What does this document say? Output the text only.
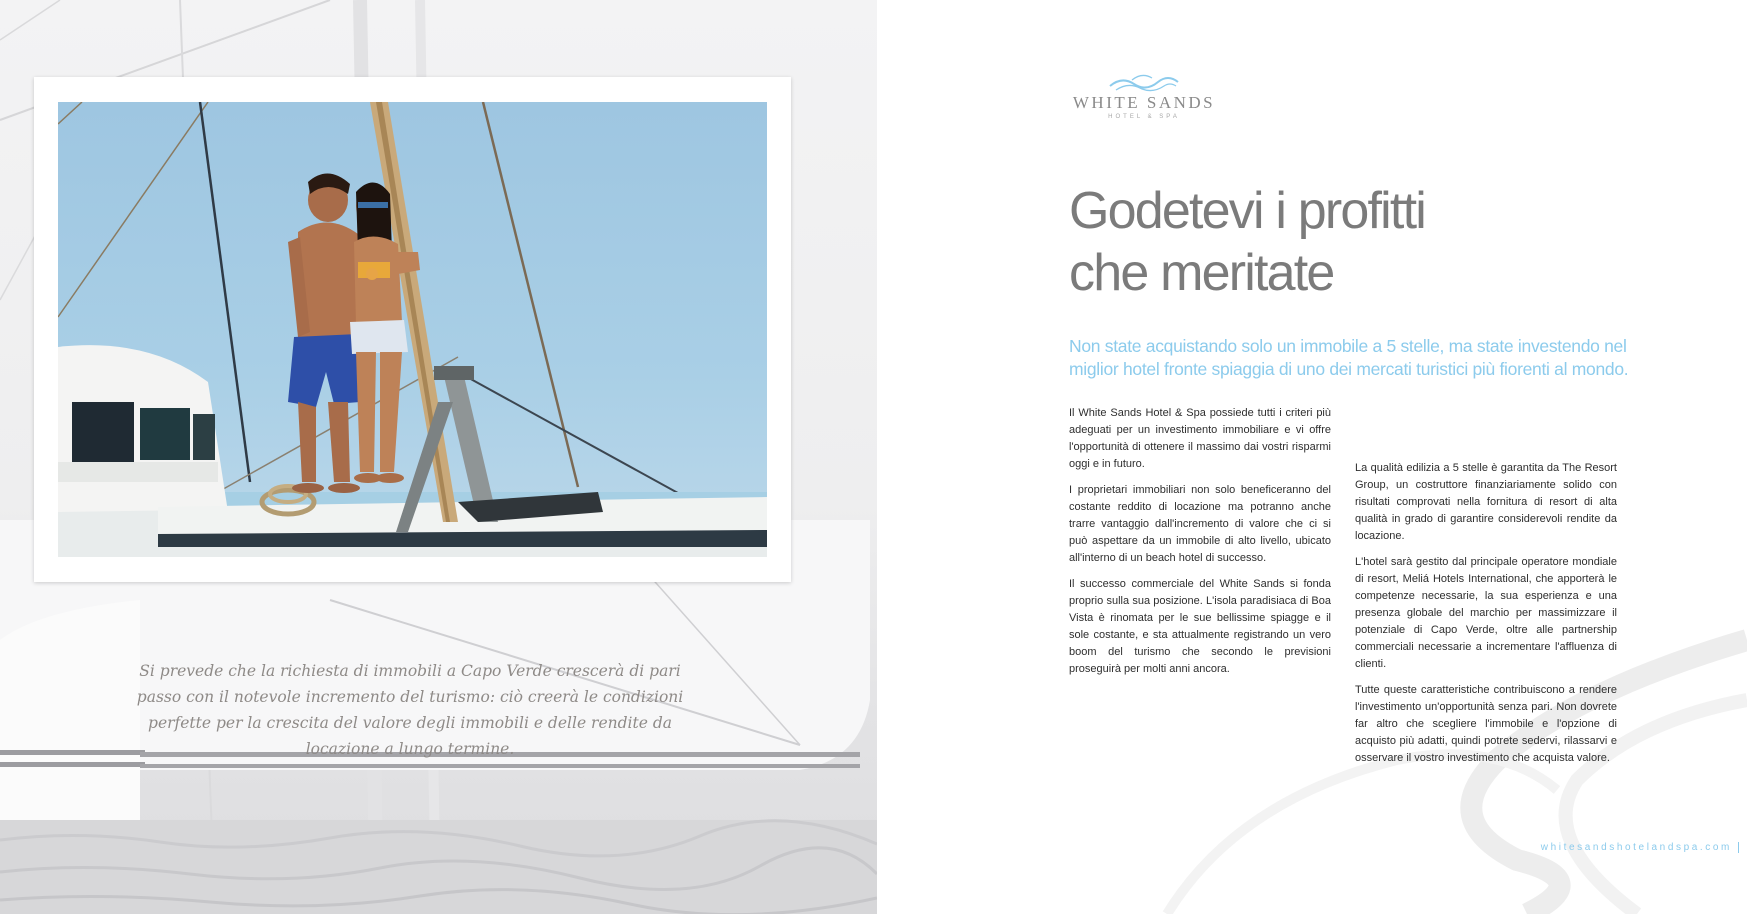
Si prevede che la richiesta di immobili a Capo Verde crescerà di pari passo con il notevole incremento del turismo: ciò creerà le condizioni perfette per la crescita del valore degli immobili e delle rendite da locazione a lungo termine.
WHITE SANDS
HOTEL & SPA
Godetevi i profitti
che meritate

Non state acquistando solo un immobile a 5 stelle, ma state investendo nel miglior hotel fronte spiaggia di uno dei mercati turistici più fiorenti al mondo.

Il White Sands Hotel & Spa possiede tutti i criteri più adeguati per un investimento immobiliare e vi offre l'opportunità di ottenere il massimo dai vostri risparmi oggi e in futuro.

I proprietari immobiliari non solo beneficeranno del costante reddito di locazione ma potranno anche trarre vantaggio dall'incremento di valore che ci si può aspettare da un immobile di alto livello, ubicato all'interno di un beach hotel di successo.

Il successo commerciale del White Sands si fonda proprio sulla sua posizione. L'isola paradisiaca di Boa Vista è rinomata per le sue bellissime spiagge e il sole costante, e sta attualmente registrando un vero boom del turismo che secondo le previsioni proseguirà per molti anni ancora.

La qualità edilizia a 5 stelle è garantita da The Resort Group, un costruttore finanziariamente solido con risultati comprovati nella fornitura di resort di alta qualità in grado di garantire considerevoli rendite da locazione.

L'hotel sarà gestito dal principale operatore mondiale di resort, Meliá Hotels International, che apporterà le competenze necessarie, la sua esperienza e una presenza globale del marchio per massimizzare il potenziale di Capo Verde, oltre alle partnership commerciali necessarie a incrementare l'affluenza di clienti.

Tutte queste caratteristiche contribuiscono a rendere l'investimento un'opportunità senza pari. Non dovrete far altro che scegliere l'immobile e l'opzione di acquisto più adatti, quindi potrete sedervi, rilassarvi e osservare il vostro investimento che acquista valore.

whitesandshotelandspa.com
